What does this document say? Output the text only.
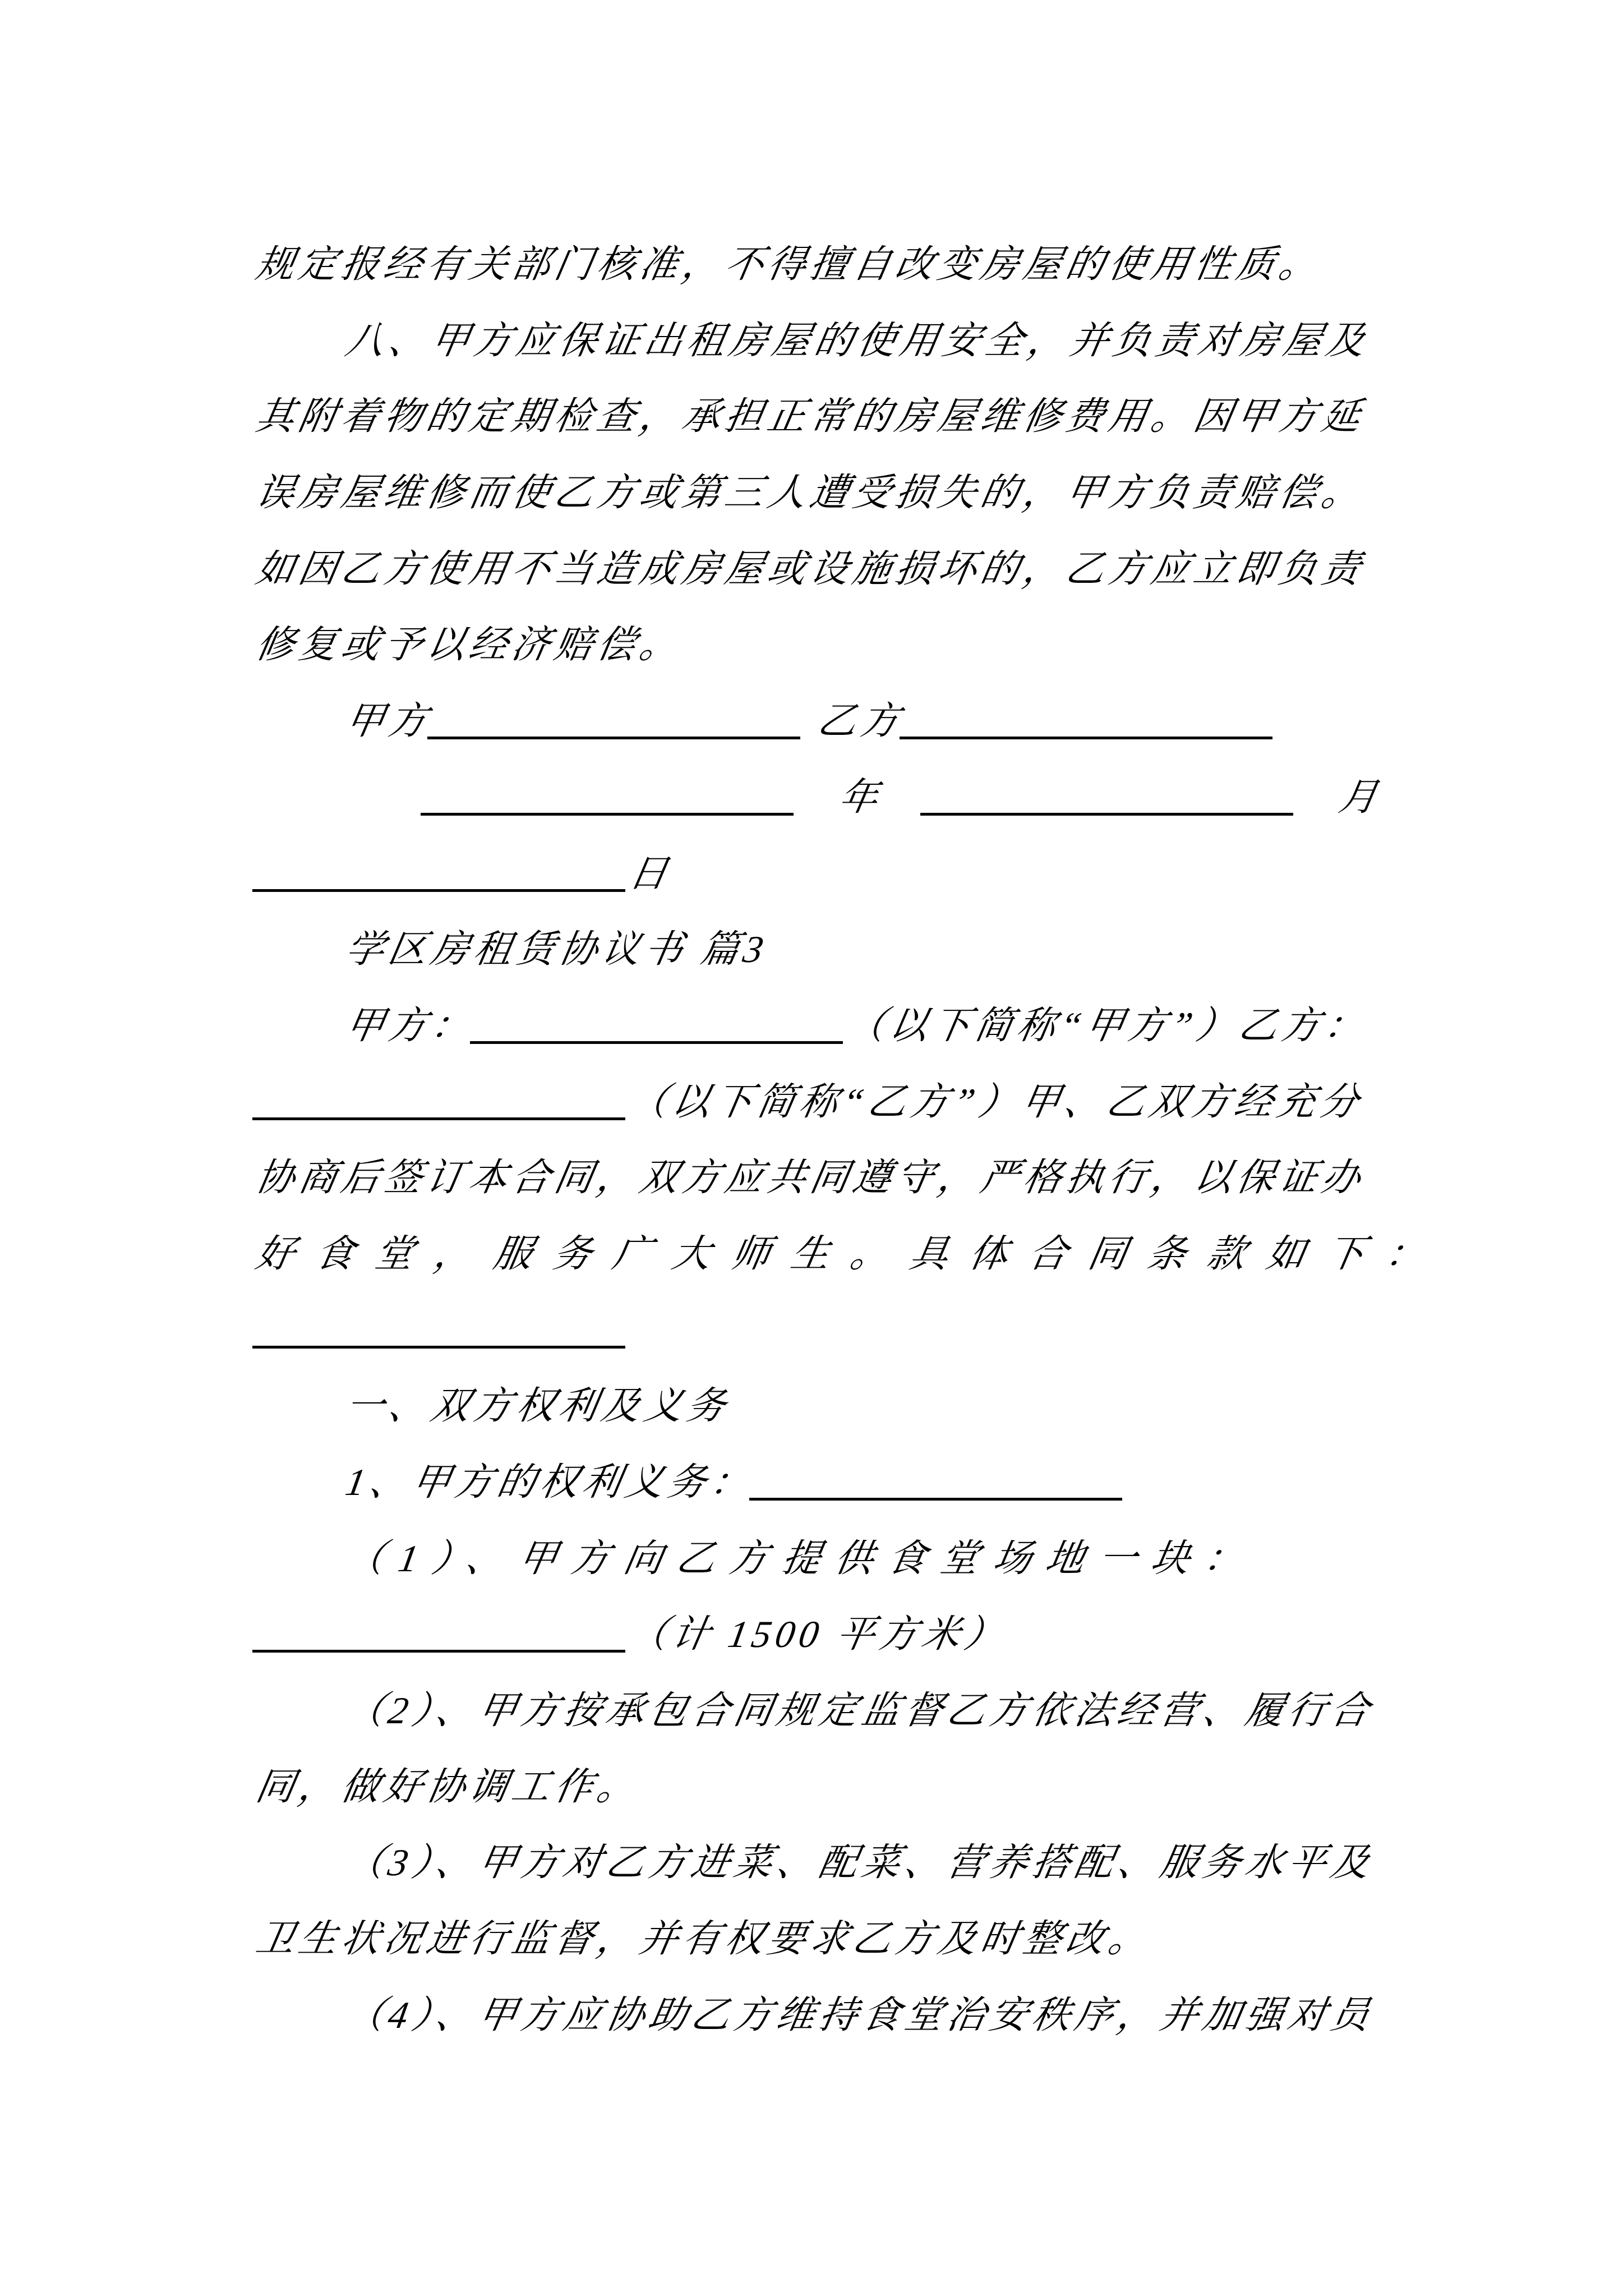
规定报经有关部门核准，不得擅自改变房屋的使用性质。
八、甲方应保证出租房屋的使用安全，并负责对房屋及
其附着物的定期检查，承担正常的房屋维修费用。因甲方延
误房屋维修而使乙方或第三人遭受损失的，甲方负责赔偿。
如因乙方使用不当造成房屋或设施损坏的，乙方应立即负责
修复或予以经济赔偿。
甲方	乙方
年	月
日
学区房租赁协议书 篇3
甲方：	（以下简称“甲方”）乙方：
（以下简称“乙方”）甲、乙双方经充分
协商后签订本合同，双方应共同遵守，严格执行，以保证办
好食堂，服务广大师生。具体合同条款如下：
一、双方权利及义务
1、甲方的权利义务：
（1）、甲方向乙方提供食堂场地一块：
（计 1500 平方米）
（2）、甲方按承包合同规定监督乙方依法经营、履行合
同，做好协调工作。
（3）、甲方对乙方进菜、配菜、营养搭配、服务水平及
卫生状况进行监督，并有权要求乙方及时整改。
（4）、甲方应协助乙方维持食堂治安秩序，并加强对员
